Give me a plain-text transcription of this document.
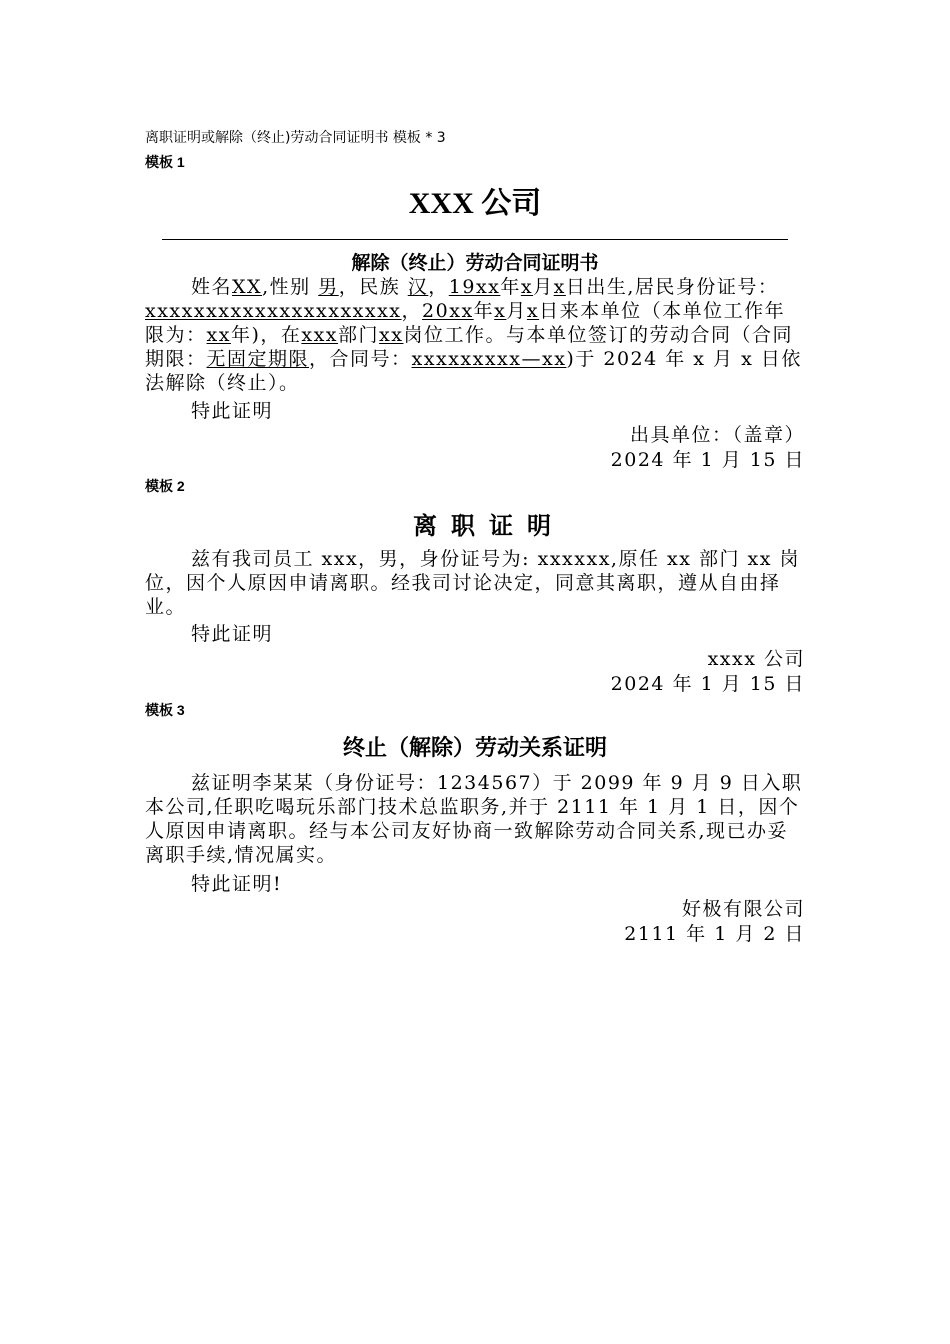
离职证明或解除（终止)劳动合同证明书 模板 * 3
模板 1
XXX 公司
解除（终止）劳动合同证明书

姓名XX,性别 男，民族 汉，19xx年x月x日出生,居民身份证号：xxxxxxxxxxxxxxxxxxxxx，20xx年x月x日来本单位（本单位工作年限为：xx年)，在xxx部门xx岗位工作。与本单位签订的劳动合同（合同期限：无固定期限，合同号：xxxxxxxxx—xx)于 2024 年 x 月 x 日依法解除（终止）。

特此证明
出具单位：（盖章）
2024 年 1 月 15 日
模板 2
离职证明

兹有我司员工 xxx，男，身份证号为: xxxxxx,原任 xx 部门 xx 岗位，因个人原因申请离职。经我司讨论决定，同意其离职，遵从自由择业。

特此证明
xxxx 公司
2024 年 1 月 15 日
模板 3
终止（解除）劳动关系证明

兹证明李某某（身份证号：1234567）于 2099 年 9 月 9 日入职本公司,任职吃喝玩乐部门技术总监职务,并于 2111 年 1 月 1 日，因个人原因申请离职。经与本公司友好协商一致解除劳动合同关系,现已办妥离职手续,情况属实。

特此证明!
好极有限公司
2111 年 1 月 2 日
